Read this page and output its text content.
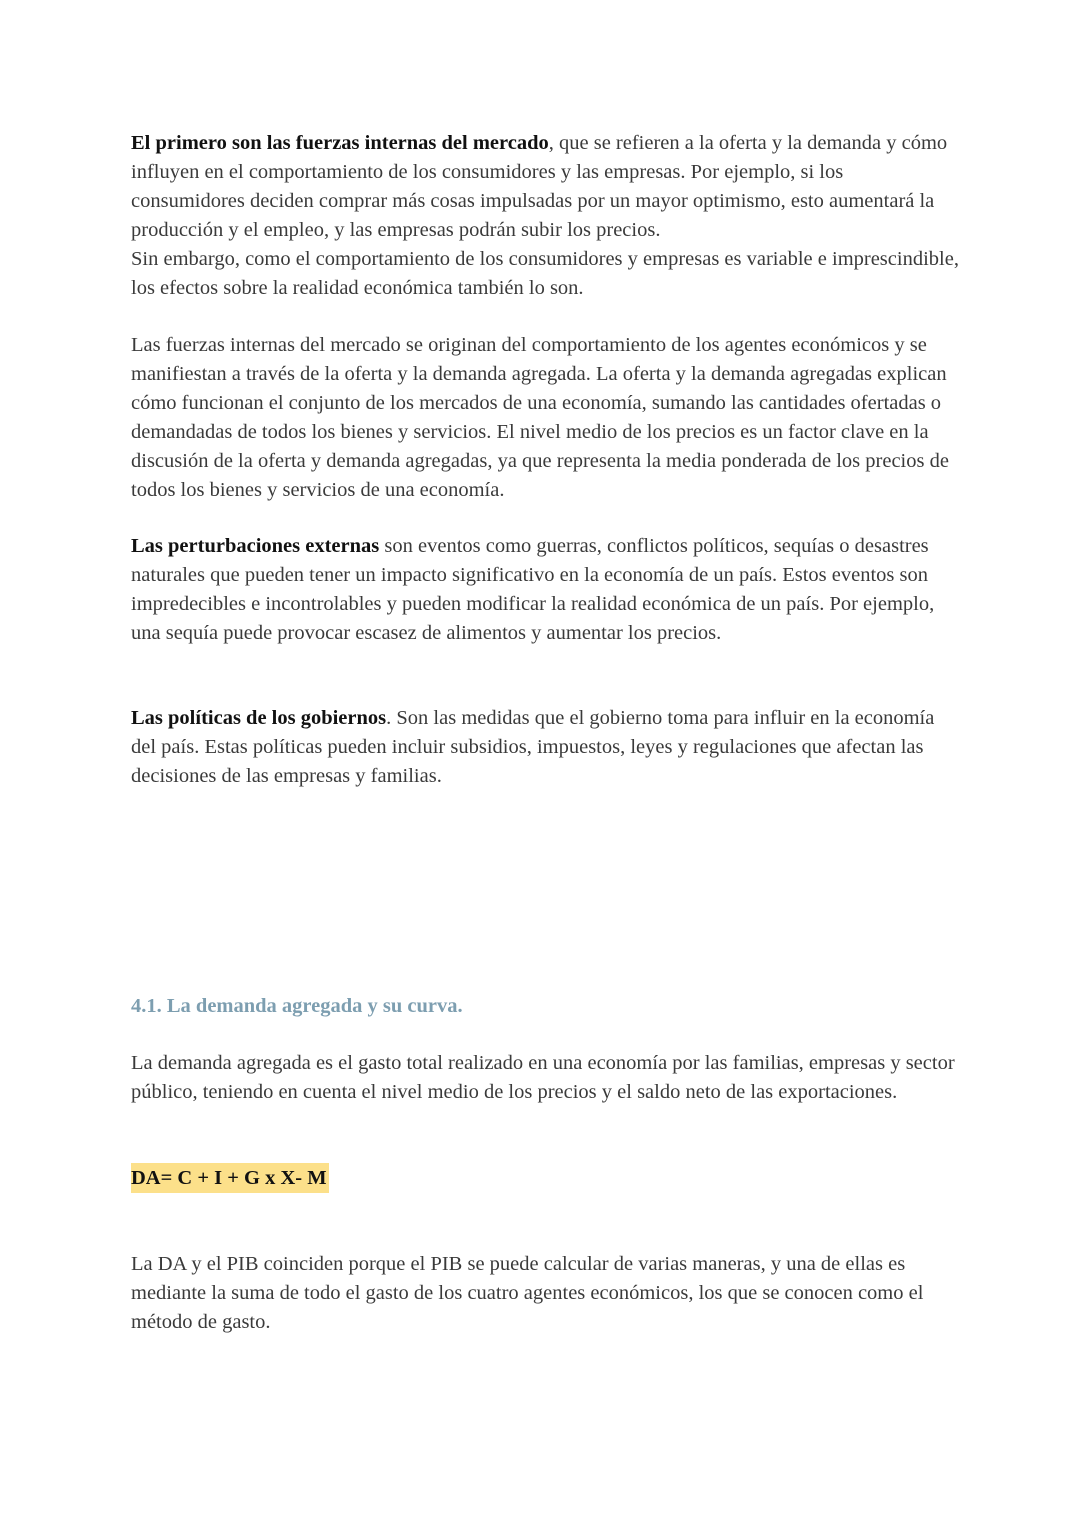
El primero son las fuerzas internas del mercado, que se refieren a la oferta y la demanda y cómo influyen en el comportamiento de los consumidores y las empresas. Por ejemplo, si los consumidores deciden comprar más cosas impulsadas por un mayor optimismo, esto aumentará la producción y el empleo, y las empresas podrán subir los precios.
Sin embargo, como el comportamiento de los consumidores y empresas es variable e imprescindible, los efectos sobre la realidad económica también lo son.

Las fuerzas internas del mercado se originan del comportamiento de los agentes económicos y se manifiestan a través de la oferta y la demanda agregada. La oferta y la demanda agregadas explican cómo funcionan el conjunto de los mercados de una economía, sumando las cantidades ofertadas o demandadas de todos los bienes y servicios. El nivel medio de los precios es un factor clave en la discusión de la oferta y demanda agregadas, ya que representa la media ponderada de los precios de todos los bienes y servicios de una economía.

Las perturbaciones externas son eventos como guerras, conflictos políticos, sequías o desastres naturales que pueden tener un impacto significativo en la economía de un país. Estos eventos son impredecibles e incontrolables y pueden modificar la realidad económica de un país. Por ejemplo, una sequía puede provocar escasez de alimentos y aumentar los precios.

Las políticas de los gobiernos. Son las medidas que el gobierno toma para influir en la economía del país. Estas políticas pueden incluir subsidios, impuestos, leyes y regulaciones que afectan las decisiones de las empresas y familias.

4.1. La demanda agregada y su curva.

La demanda agregada es el gasto total realizado en una economía por las familias, empresas y sector público, teniendo en cuenta el nivel medio de los precios y el saldo neto de las exportaciones.

DA= C + I + G x X- M

La DA y el PIB coinciden porque el PIB se puede calcular de varias maneras, y una de ellas es mediante la suma de todo el gasto de los cuatro agentes económicos, los que se conocen como el método de gasto.
